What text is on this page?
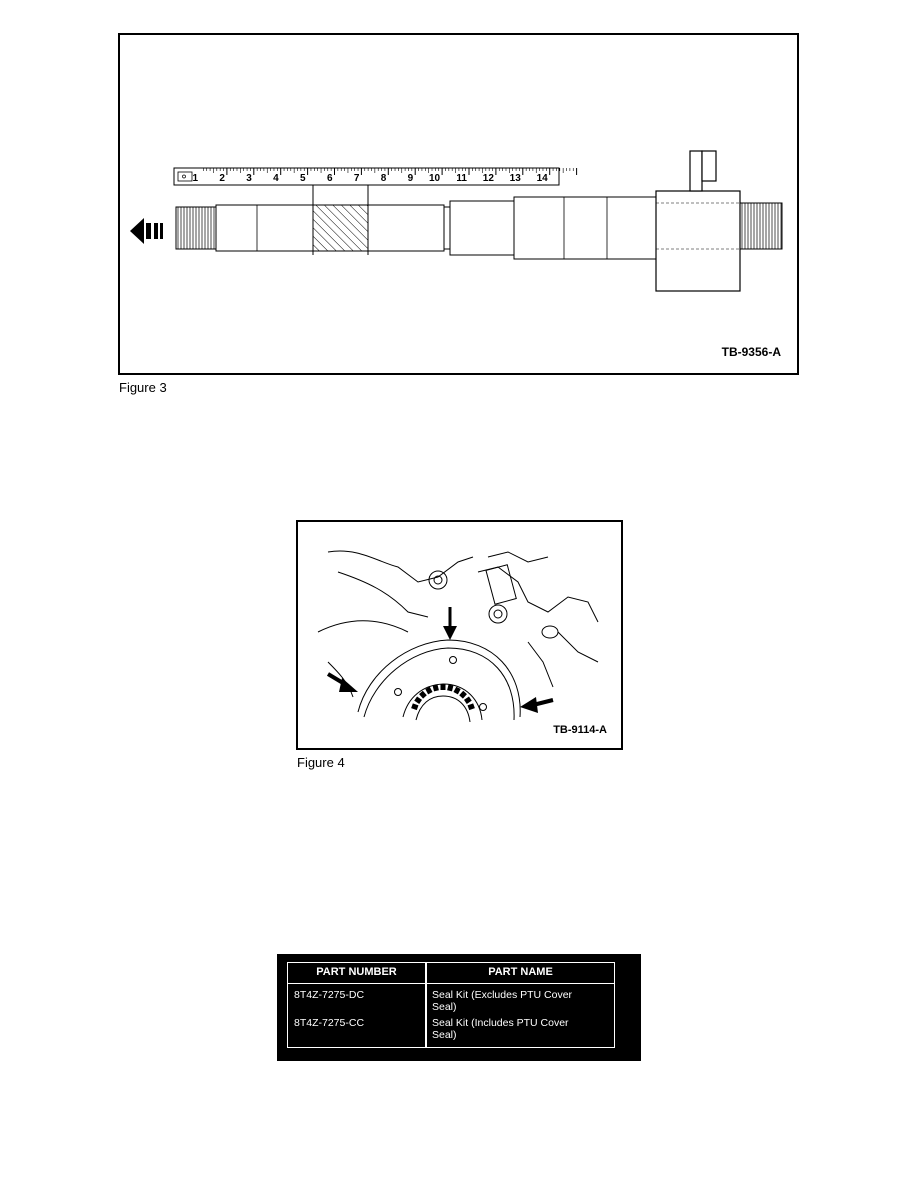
1 2 3 4 5 6 7 8 9 10 11 12 13 14
TB-9356-A
Figure 3
TB-9114-A
Figure 4
PART NUMBER	PART NAME
8T4Z-7275-DC	Seal Kit (Excludes PTU Cover
Seal)
8T4Z-7275-CC	Seal Kit (Includes PTU Cover
Seal)
